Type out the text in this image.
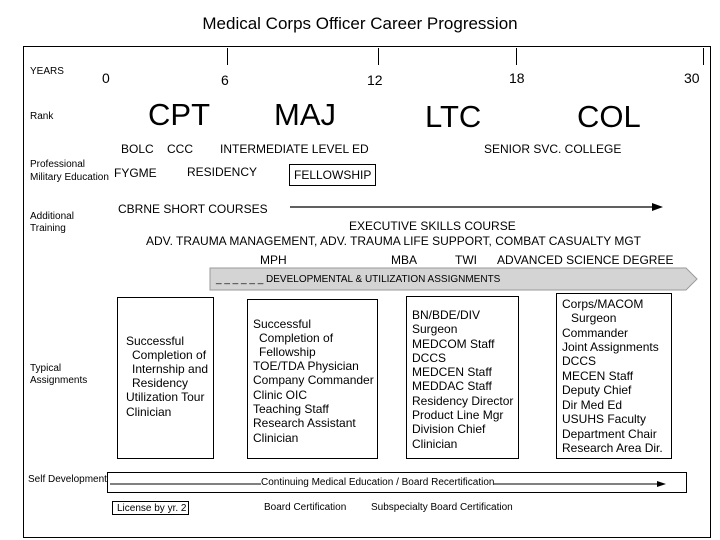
Medical Corps Officer Career Progression
YEARS
Rank
Professional
Military Education
Additional
Training
Typical
Assignments
Self Development
0	6	12	18	30
CPT MAJ	LTC	COL
BOLC CCC INTERMEDIATE LEVEL ED	SENIOR SVC. COLLEGE
FYGME	RESIDENCY	FELLOWSHIP
CBRNE SHORT COURSES
EXECUTIVE SKILLS COURSE
ADV. TRAUMA MANAGEMENT, ADV. TRAUMA LIFE SUPPORT, COMBAT CASUALTY MGT
MPH	MBA	TWI ADVANCED SCIENCE DEGREE
_ _ _ _ _ _ DEVELOPMENTAL & UTILIZATION ASSIGNMENTS
Successful
Completion of
Internship and
Residency
Utilization Tour
Clinician
Successful
Completion of
Fellowship
TOE/TDA Physician
Company Commander
Clinic OIC
Teaching Staff
Research Assistant
Clinician
BN/BDE/DIV
Surgeon
MEDCOM Staff
DCCS
MEDCEN Staff
MEDDAC Staff
Residency Director
Product Line Mgr
Division Chief
Clinician
Corps/MACOM
Surgeon
Commander
Joint Assignments
DCCS
MECEN Staff
Deputy Chief
Dir Med Ed
USUHS Faculty
Department Chair
Research Area Dir.
Continuing Medical Education / Board Recertification
License by yr. 2	Board Certification Subspecialty Board Certification
